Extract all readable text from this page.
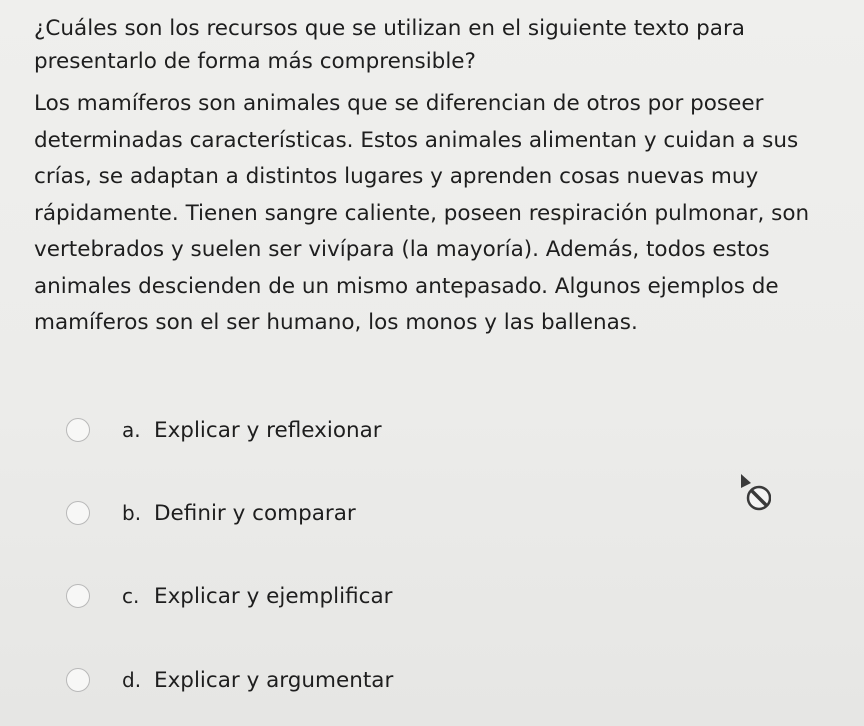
¿Cuáles son los recursos que se utilizan en el siguiente texto para presentarlo de forma más comprensible?

Los mamíferos son animales que se diferencian de otros por poseer determinadas características. Estos animales alimentan y cuidan a sus crías, se adaptan a distintos lugares y aprenden cosas nuevas muy rápidamente. Tienen sangre caliente, poseen respiración pulmonar, son vertebrados y suelen ser vivípara (la mayoría). Además, todos estos animales descienden de un mismo antepasado. Algunos ejemplos de mamíferos son el ser humano, los monos y las ballenas.

a. Explicar y reflexionar
b. Definir y comparar
c. Explicar y ejemplificar
d. Explicar y argumentar
